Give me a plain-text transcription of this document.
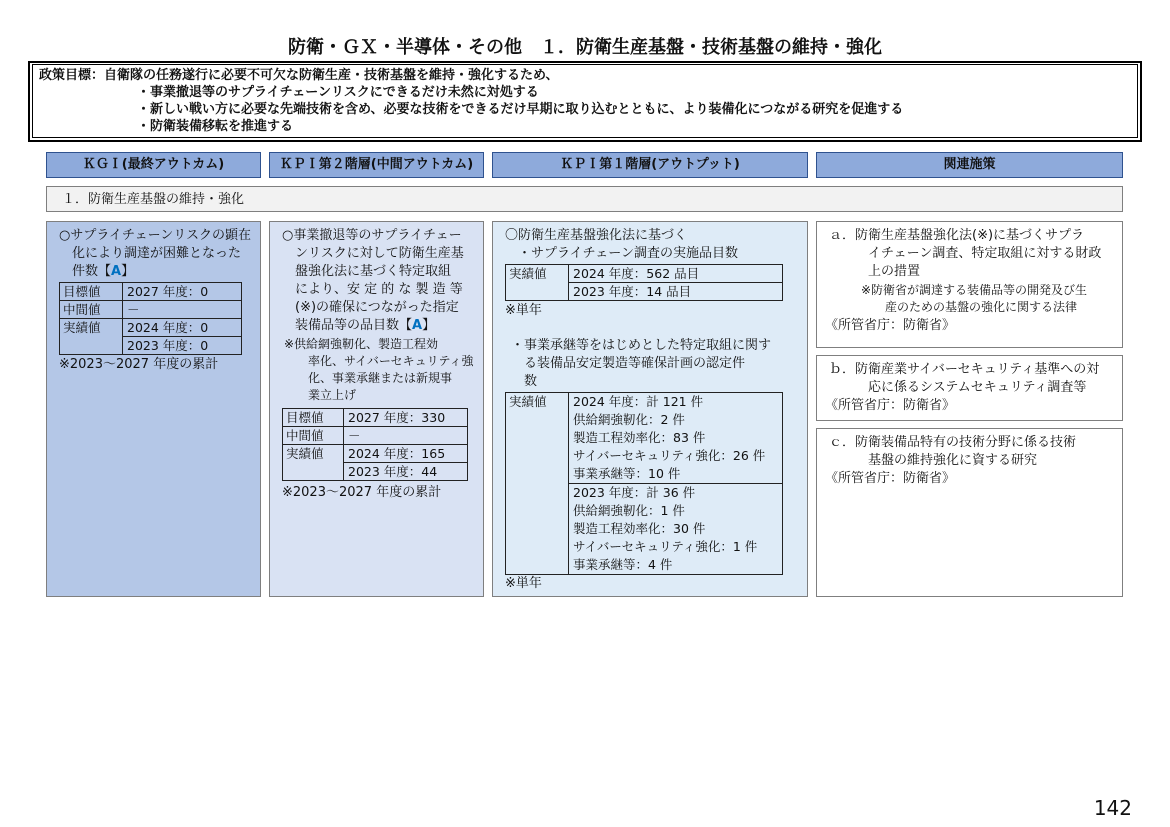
防衛・ＧＸ・半導体・その他　１．防衛生産基盤・技術基盤の維持・強化
政策目標：自衛隊の任務遂行に必要不可欠な防衛生産・技術基盤を維持・強化するため、
・事業撤退等のサプライチェーンリスクにできるだけ未然に対処する
・新しい戦い方に必要な先端技術を含め、必要な技術をできるだけ早期に取り込むとともに、より装備化につながる研究を促進する
・防衛装備移転を推進する
ＫＧＩ(最終アウトカム)	ＫＰＩ第２階層(中間アウトカム)	ＫＰＩ第１階層(アウトプット)	関連施策
１．防衛生産基盤の維持・強化
○サプライチェーンリスクの顕在
　化により調達が困難となった
　件数【A】
目標値	2027 年度：0
中間値	－
実績値	2024 年度：0
	2023 年度：0
※2023～2027 年度の累計
○事業撤退等のサプライチェー
　ンリスクに対して防衛生産基
　盤強化法に基づく特定取組
　により、安 定 的 な 製 造 等
　(※)の確保につながった指定
　装備品等の品目数【A】
※供給網強靭化、製造工程効
　　率化、サイバーセキュリティ強
　　化、事業承継または新規事
　　業立上げ
目標値	2027 年度：330
中間値	－
実績値	2024 年度：165
	2023 年度：44
※2023～2027 年度の累計
〇防衛生産基盤強化法に基づく
　・サプライチェーン調査の実施品目数
実績値	2024 年度：562 品目
2023 年度：14 品目
※単年
・事業承継等をはじめとした特定取組に関す
　る装備品安定製造等確保計画の認定件
　数
実績値	2024 年度：計 121 件
供給網強靭化：2 件
製造工程効率化：83 件
サイバーセキュリティ強化：26 件
事業承継等：10 件
2023 年度：計 36 件
供給網強靭化：1 件
製造工程効率化：30 件
サイバーセキュリティ強化：1 件
事業承継等：4 件
※単年
ａ．防衛生産基盤強化法(※)に基づくサプラ
　　　イチェーン調査、特定取組に対する財政
　　　上の措置
※防衛省が調達する装備品等の開発及び生
　　産のための基盤の強化に関する法律
《所管省庁：防衛省》
ｂ．防衛産業サイバーセキュリティ基準への対
　　　応に係るシステムセキュリティ調査等
《所管省庁：防衛省》
ｃ．防衛装備品特有の技術分野に係る技術
　　　基盤の維持強化に資する研究
《所管省庁：防衛省》
142
